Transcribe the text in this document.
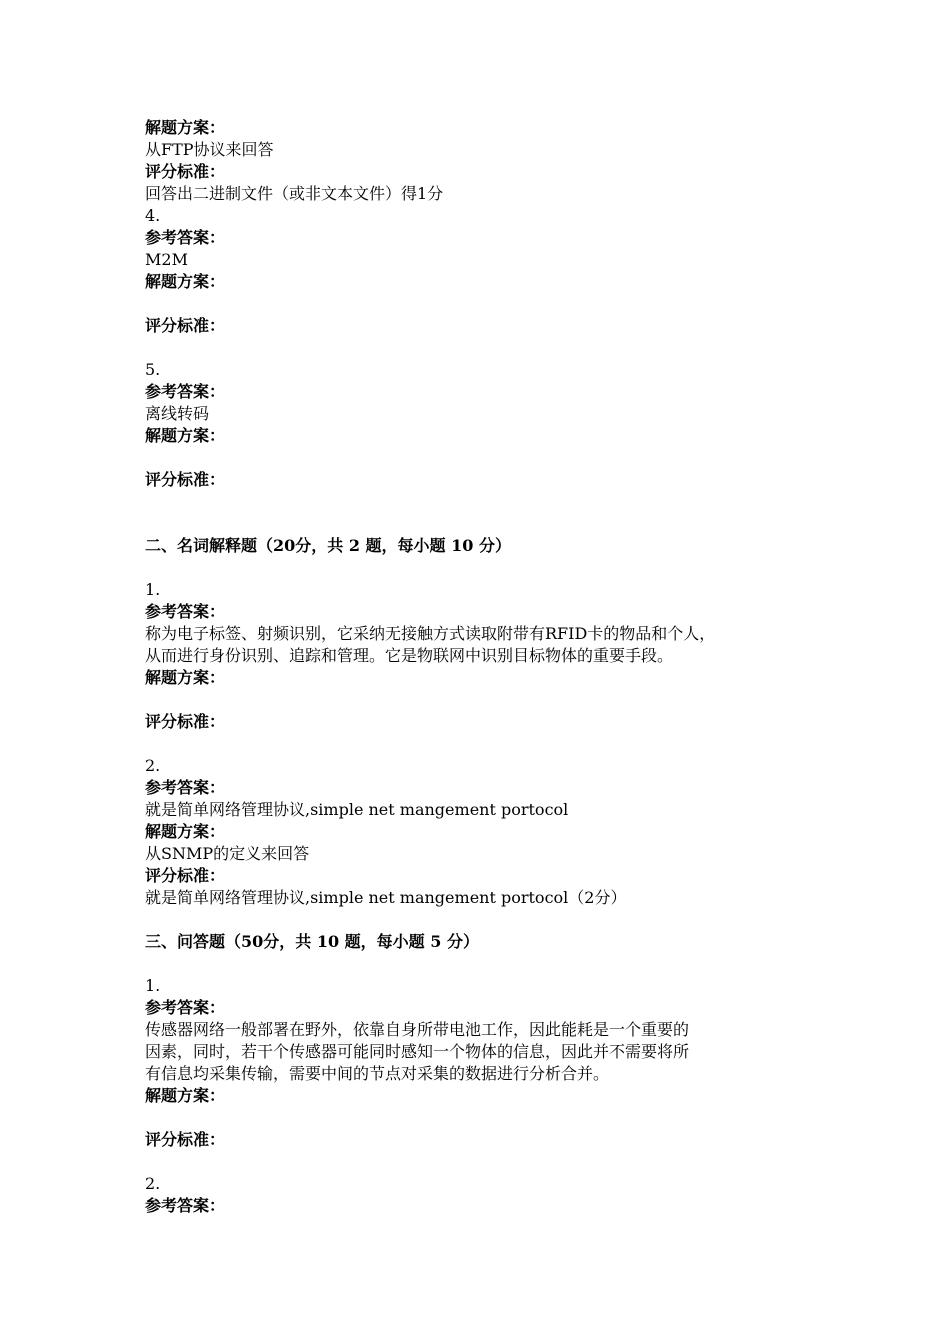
解题方案：
从FTP协议来回答
评分标准：
回答出二进制文件（或非文本文件）得1分
4.
参考答案：
M2M
解题方案：
评分标准：
5.
参考答案：
离线转码
解题方案：
评分标准：
二、名词解释题（20分，共 2 题，每小题 10 分）
1.
参考答案：
称为电子标签、射频识别，它采纳无接触方式读取附带有RFID卡的物品和个人，
从而进行身份识别、追踪和管理。它是物联网中识别目标物体的重要手段。
解题方案：
评分标准：
2.
参考答案：
就是简单网络管理协议,simple net mangement portocol
解题方案：
从SNMP的定义来回答
评分标准：
就是简单网络管理协议,simple net mangement portocol（2分）
三、问答题（50分，共 10 题，每小题 5 分）
1.
参考答案：
传感器网络一般部署在野外，依靠自身所带电池工作，因此能耗是一个重要的
因素，同时，若干个传感器可能同时感知一个物体的信息，因此并不需要将所
有信息均采集传输，需要中间的节点对采集的数据进行分析合并。
解题方案：
评分标准：
2.
参考答案：
